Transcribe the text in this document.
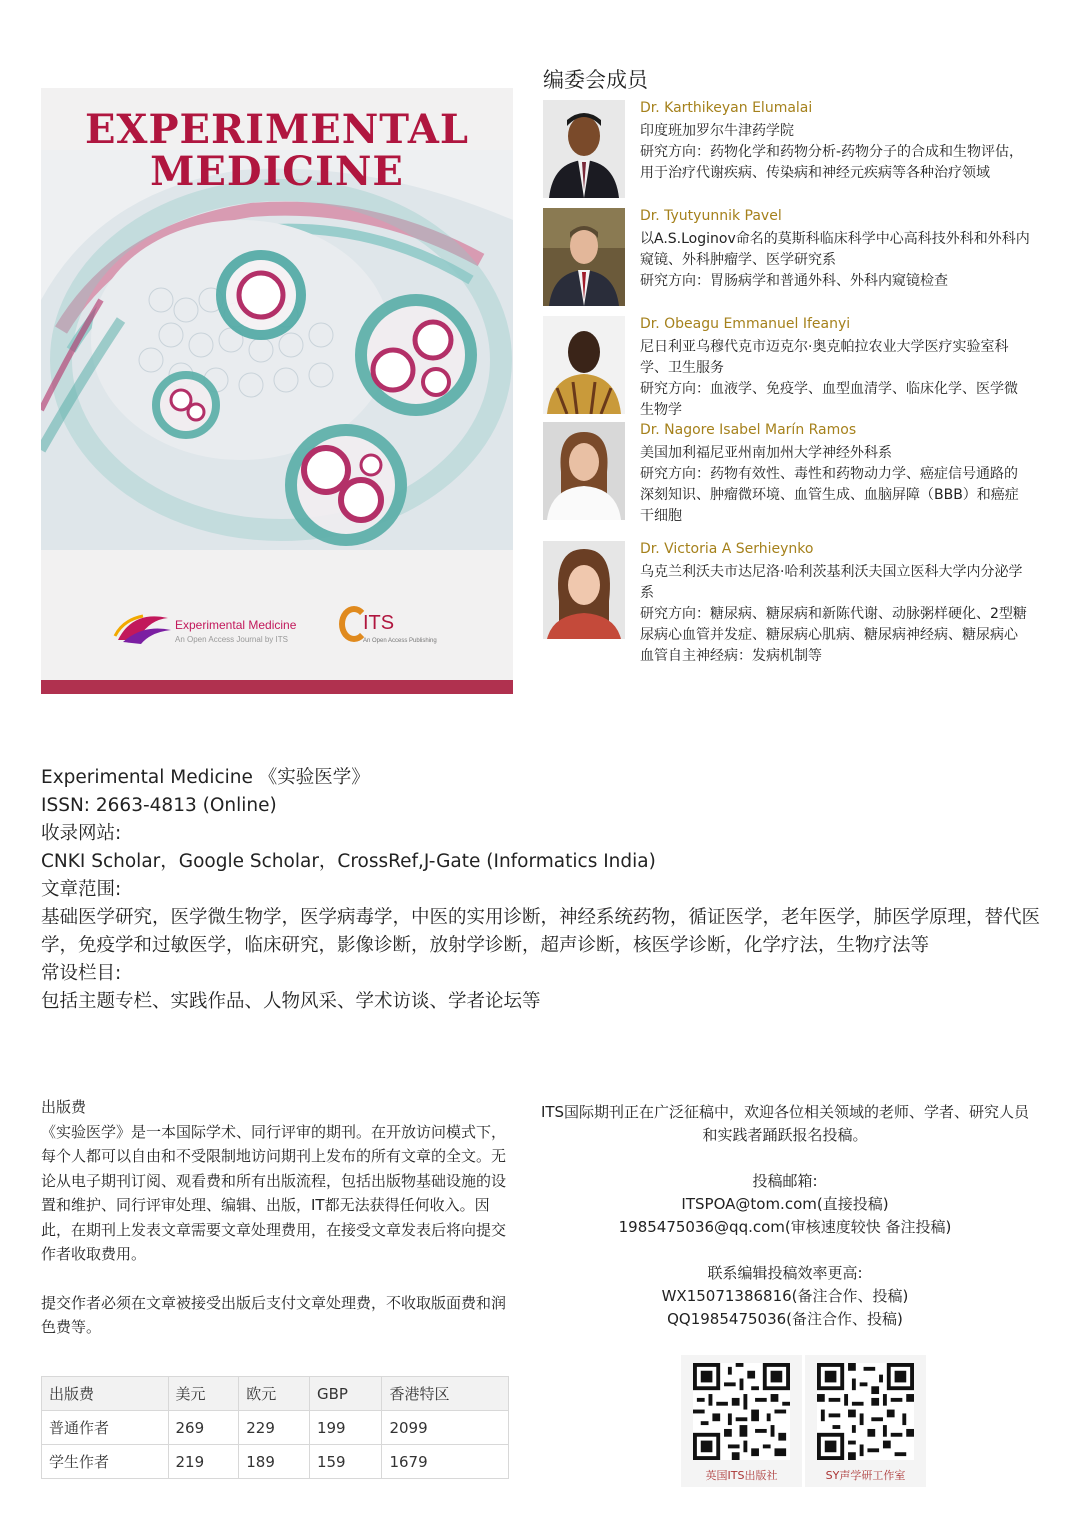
EXPERIMENTAL
MEDICINE
Experimental Medicine
An Open Access Journal by ITS
ITS
An Open Access Publishing
编委会成员
Dr. Karthikeyan Elumalai
印度班加罗尔牛津药学院
研究方向：药物化学和药物分析-药物分子的合成和生物评估，用于治疗代谢疾病、传染病和神经元疾病等各种治疗领域
Dr. Tyutyunnik Pavel
以A.S.Loginov命名的莫斯科临床科学中心高科技外科和外科内窥镜、外科肿瘤学、医学研究系
研究方向：胃肠病学和普通外科、外科内窥镜检查
Dr. Obeagu Emmanuel Ifeanyi
尼日利亚乌穆代克市迈克尔·奥克帕拉农业大学医疗实验室科学、卫生服务
研究方向：血液学、免疫学、血型血清学、临床化学、医学微生物学
Dr. Nagore Isabel Marín Ramos
美国加利福尼亚州南加州大学神经外科系
研究方向：药物有效性、毒性和药物动力学、癌症信号通路的深刻知识、肿瘤微环境、血管生成、血脑屏障（BBB）和癌症干细胞
Dr. Victoria A Serhieynko
乌克兰利沃夫市达尼洛·哈利茨基利沃夫国立医科大学内分泌学系
研究方向：糖尿病、糖尿病和新陈代谢、动脉粥样硬化、2型糖尿病心血管并发症、糖尿病心肌病、糖尿病神经病、糖尿病心血管自主神经病：发病机制等
Experimental Medicine 《实验医学》
ISSN: 2663-4813 (Online)
收录网站:
CNKI Scholar，Google Scholar，CrossRef,J-Gate (Informatics India)
文章范围:
基础医学研究，医学微生物学，医学病毒学，中医的实用诊断，神经系统药物，循证医学，老年医学，肺医学原理，替代医学，免疫学和过敏医学，临床研究，影像诊断，放射学诊断，超声诊断，核医学诊断，化学疗法，生物疗法等
常设栏目:
包括主题专栏、实践作品、人物风采、学术访谈、学者论坛等

出版费

《实验医学》是一本国际学术、同行评审的期刊。在开放访问模式下，每个人都可以自由和不受限制地访问期刊上发布的所有文章的全文。无论从电子期刊订阅、观看费和所有出版流程，包括出版物基础设施的设置和维护、同行评审处理、编辑、出版，IT都无法获得任何收入。因此，在期刊上发表文章需要文章处理费用，在接受文章发表后将向提交作者收取费用。

提交作者必须在文章被接受出版后支付文章处理费，不收取版面费和润色费等。

出版费	美元	欧元	GBP	香港特区
普通作者	269	229	199	2099
学生作者	219	189	159	1679
ITS国际期刊正在广泛征稿中，欢迎各位相关领域的老师、学者、研究人员和实践者踊跃报名投稿。
投稿邮箱:
ITSPOA@tom.com(直接投稿)
1985475036@qq.com(审核速度较快 备注投稿)
联系编辑投稿效率更高:
WX15071386816(备注合作、投稿)
QQ1985475036(备注合作、投稿)
英国ITS出版社	SY声学研工作室
